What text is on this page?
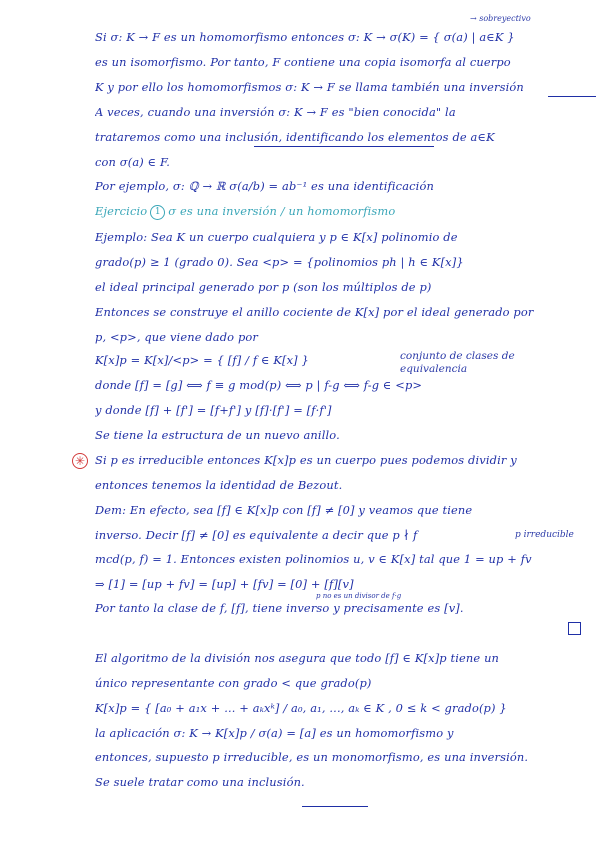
→ sobreyectivo
Si σ: K → F es un homomorfismo entonces σ: K → σ(K) = { σ(a) | a∈K }
es un isomorfismo. Por tanto, F contiene una copia isomorfa al cuerpo
K y por ello los homomorfismos σ: K → F se llama también una inversión
A veces, cuando una inversión σ: K → F es "bien conocida" la
trataremos como una inclusión, identificando los elementos de a∈K
con σ(a) ∈ F.
Por ejemplo, σ: ℚ → ℝ σ(a/b) = ab⁻¹ es una identificación
Ejercicio 1 σ es una inversión / un homomorfismo
Ejemplo: Sea K un cuerpo cualquiera y p ∈ K[x] polinomio de
grado(p) ≥ 1 (grado 0). Sea <p> = {polinomios ph | h ∈ K[x]}
el ideal principal generado por p (son los múltiplos de p)
Entonces se construye el anillo cociente de K[x] por el ideal generado por
p, <p>, que viene dado por
K[x]p = K[x]/<p> = { [f] / f ∈ K[x] }	conjunto de clases de equivalencia
donde [f] = [g] ⟺ f ≡ g mod(p) ⟺ p | f-g ⟺ f-g ∈ <p>
y donde [f] + [f'] = [f+f'] y [f]·[f'] = [f·f']
Se tiene la estructura de un nuevo anillo.
✳ Si p es irreducible entonces K[x]p es un cuerpo pues podemos dividir y
entonces tenemos la identidad de Bezout.
Dem: En efecto, sea [f] ∈ K[x]p con [f] ≠ [0] y veamos que tiene
inverso. Decir [f] ≠ [0] es equivalente a decir que p ∤ f	p irreducible
mcd(p, f) = 1. Entonces existen polinomios u, v ∈ K[x] tal que 1 = up + fv
⇒ [1] = [up + fv] = [up] + [fv] = [0] + [f][v]
p no es un divisor de f·g
Por tanto la clase de f, [f], tiene inverso y precisamente es [v].
El algoritmo de la división nos asegura que todo [f] ∈ K[x]p tiene un
único representante con grado < que grado(p)
K[x]p = { [a₀ + a₁x + ... + aₖxᵏ] / a₀, a₁, ..., aₖ ∈ K , 0 ≤ k < grado(p) }
la aplicación σ: K → K[x]p / σ(a) = [a] es un homomorfismo y
entonces, supuesto p irreducible, es un monomorfismo, es una inversión.
Se suele tratar como una inclusión.
